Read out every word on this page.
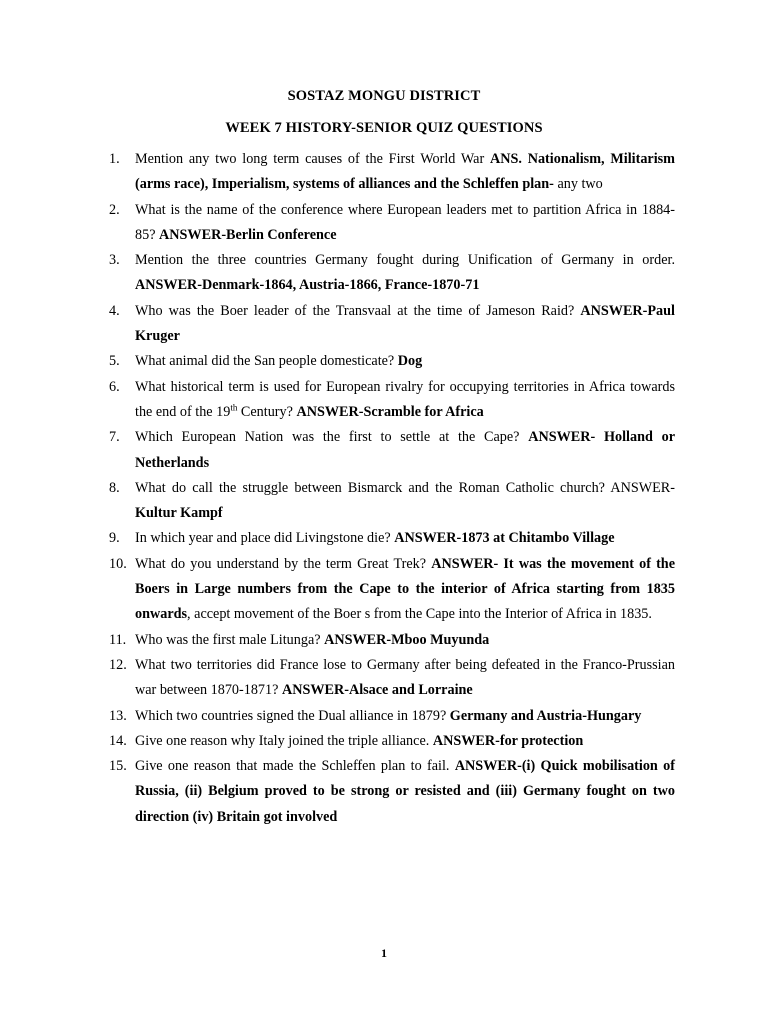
SOSTAZ MONGU DISTRICT
WEEK 7 HISTORY-SENIOR QUIZ QUESTIONS
1.	Mention any two long term causes of the First World War ANS. Nationalism, Militarism (arms race), Imperialism, systems of alliances and the Schleffen plan- any two
2.	What is the name of the conference where European leaders met to partition Africa in 1884-85? ANSWER-Berlin Conference
3.	Mention the three countries Germany fought during Unification of Germany in order. ANSWER-Denmark-1864, Austria-1866, France-1870-71
4.	Who was the Boer leader of the Transvaal at the time of Jameson Raid? ANSWER-Paul Kruger
5.	What animal did the San people domesticate? Dog
6.	What historical term is used for European rivalry for occupying territories in Africa towards the end of the 19th Century? ANSWER-Scramble for Africa
7.	Which European Nation was the first to settle at the Cape? ANSWER- Holland or Netherlands
8.	What do call the struggle between Bismarck and the Roman Catholic church? ANSWER-Kultur Kampf
9.	In which year and place did Livingstone die? ANSWER-1873 at Chitambo Village
10. What do you understand by the term Great Trek? ANSWER- It was the movement of the Boers in Large numbers from the Cape to the interior of Africa starting from 1835 onwards, accept movement of the Boer s from the Cape into the Interior of Africa in 1835.
11. Who was the first male Litunga? ANSWER-Mboo Muyunda
12. What two territories did France lose to Germany after being defeated in the Franco-Prussian war between 1870-1871? ANSWER-Alsace and Lorraine
13. Which two countries signed the Dual alliance in 1879? Germany and Austria-Hungary
14. Give one reason why Italy joined the triple alliance. ANSWER-for protection
15. Give one reason that made the Schleffen plan to fail. ANSWER-(i) Quick mobilisation of Russia, (ii) Belgium proved to be strong or resisted and (iii) Germany fought on two direction (iv) Britain got involved
1
